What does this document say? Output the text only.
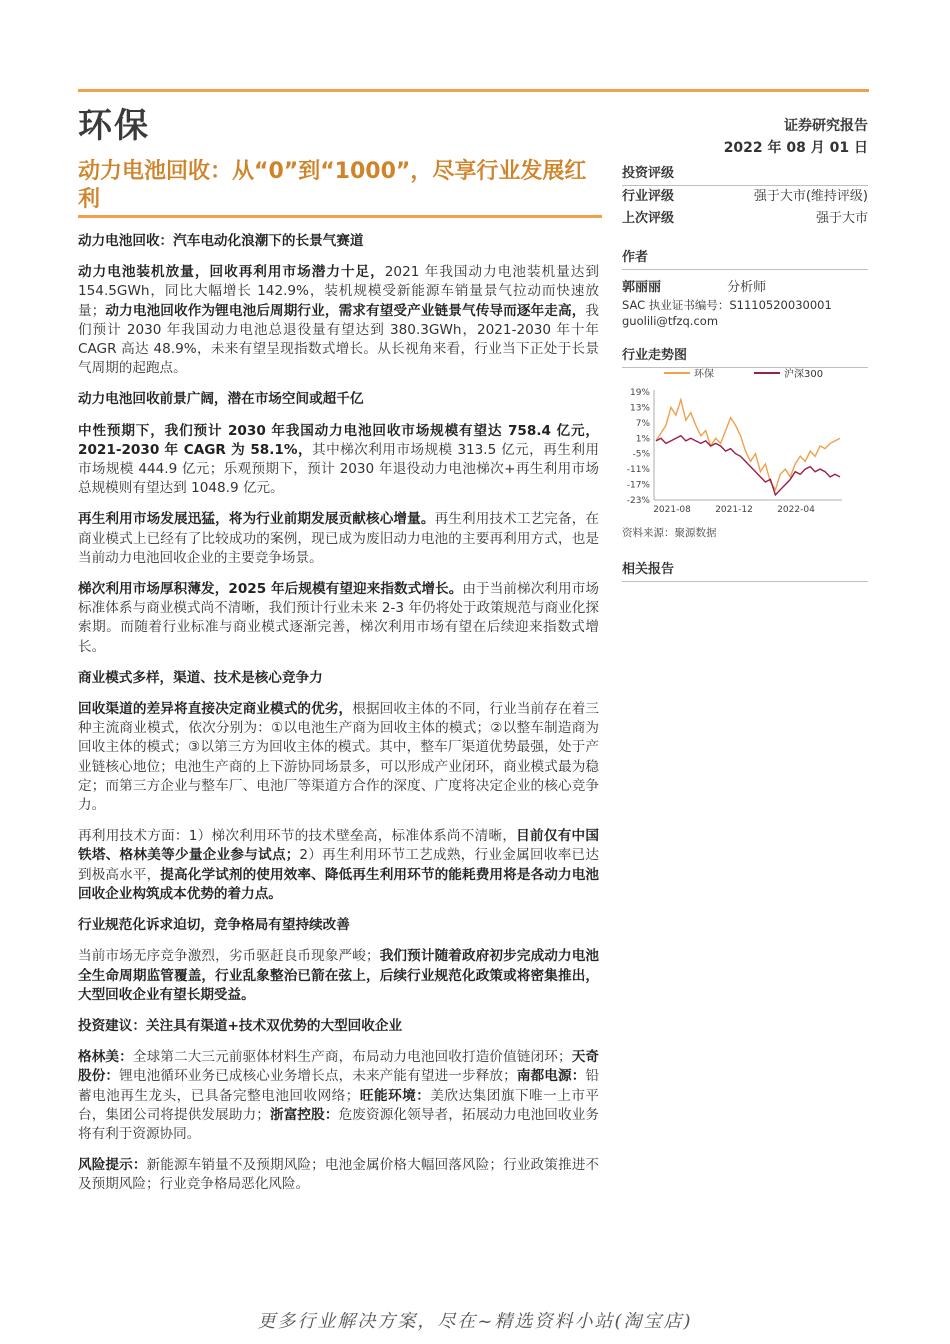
环保	证券研究报告
2022 年 08 月 01 日
动力电池回收：从“0”到“1000”，尽享行业发展红利
动力电池回收：汽车电动化浪潮下的长景气赛道

动力电池装机放量，回收再利用市场潜力十足，2021 年我国动力电池装机量达到 154.5GWh，同比大幅增长 142.9%，装机规模受新能源车销量景气拉动而快速放量；动力电池回收作为锂电池后周期行业，需求有望受产业链景气传导而逐年走高，我们预计 2030 年我国动力电池总退役量有望达到 380.3GWh，2021-2030 年十年 CAGR 高达 48.9%，未来有望呈现指数式增长。从长视角来看，行业当下正处于长景气周期的起跑点。

动力电池回收前景广阔，潜在市场空间或超千亿

中性预期下，我们预计 2030 年我国动力电池回收市场规模有望达 758.4 亿元，2021-2030 年 CAGR 为 58.1%，其中梯次利用市场规模 313.5 亿元，再生利用市场规模 444.9 亿元；乐观预期下，预计 2030 年退役动力电池梯次+再生利用市场总规模则有望达到 1048.9 亿元。

再生利用市场发展迅猛，将为行业前期发展贡献核心增量。再生利用技术工艺完备，在商业模式上已经有了比较成功的案例，现已成为废旧动力电池的主要再利用方式，也是当前动力电池回收企业的主要竞争场景。

梯次利用市场厚积薄发，2025 年后规模有望迎来指数式增长。由于当前梯次利用市场标准体系与商业模式尚不清晰，我们预计行业未来 2-3 年仍将处于政策规范与商业化探索期。而随着行业标准与商业模式逐渐完善，梯次利用市场有望在后续迎来指数式增长。

商业模式多样，渠道、技术是核心竞争力

回收渠道的差异将直接决定商业模式的优劣，根据回收主体的不同，行业当前存在着三种主流商业模式，依次分别为：①以电池生产商为回收主体的模式；②以整车制造商为回收主体的模式；③以第三方为回收主体的模式。其中，整车厂渠道优势最强，处于产业链核心地位；电池生产商的上下游协同场景多，可以形成产业闭环，商业模式最为稳定；而第三方企业与整车厂、电池厂等渠道方合作的深度、广度将决定企业的核心竞争力。

再利用技术方面：1）梯次利用环节的技术壁垒高，标准体系尚不清晰，目前仅有中国铁塔、格林美等少量企业参与试点；2）再生利用环节工艺成熟，行业金属回收率已达到极高水平，提高化学试剂的使用效率、降低再生利用环节的能耗费用将是各动力电池回收企业构筑成本优势的着力点。

行业规范化诉求迫切，竞争格局有望持续改善

当前市场无序竞争激烈，劣币驱赶良币现象严峻；我们预计随着政府初步完成动力电池全生命周期监管覆盖，行业乱象整治已箭在弦上，后续行业规范化政策或将密集推出，大型回收企业有望长期受益。

投资建议：关注具有渠道+技术双优势的大型回收企业

格林美：全球第二大三元前驱体材料生产商，布局动力电池回收打造价值链闭环；天奇股份：锂电池循环业务已成核心业务增长点，未来产能有望进一步释放；南都电源：铅蓄电池再生龙头，已具备完整电池回收网络；旺能环境：美欣达集团旗下唯一上市平台，集团公司将提供发展助力；浙富控股：危废资源化领导者，拓展动力电池回收业务将有利于资源协同。

风险提示：新能源车销量不及预期风险；电池金属价格大幅回落风险；行业政策推进不及预期风险；行业竞争格局恶化风险。

投资评级
行业评级	强于大市(维持评级)
上次评级	强于大市
作者
郭丽丽	分析师
SAC 执业证书编号：S1110520030001
guolili@tfzq.com
行业走势图
环保	沪深300
19%
13%
7%
1%
-5%
-11%
-17%
-23%
2021-08	2021-12	2022-04
资料来源：聚源数据
相关报告
更多行业解决方案，尽在~精选资料小站(淘宝店)
